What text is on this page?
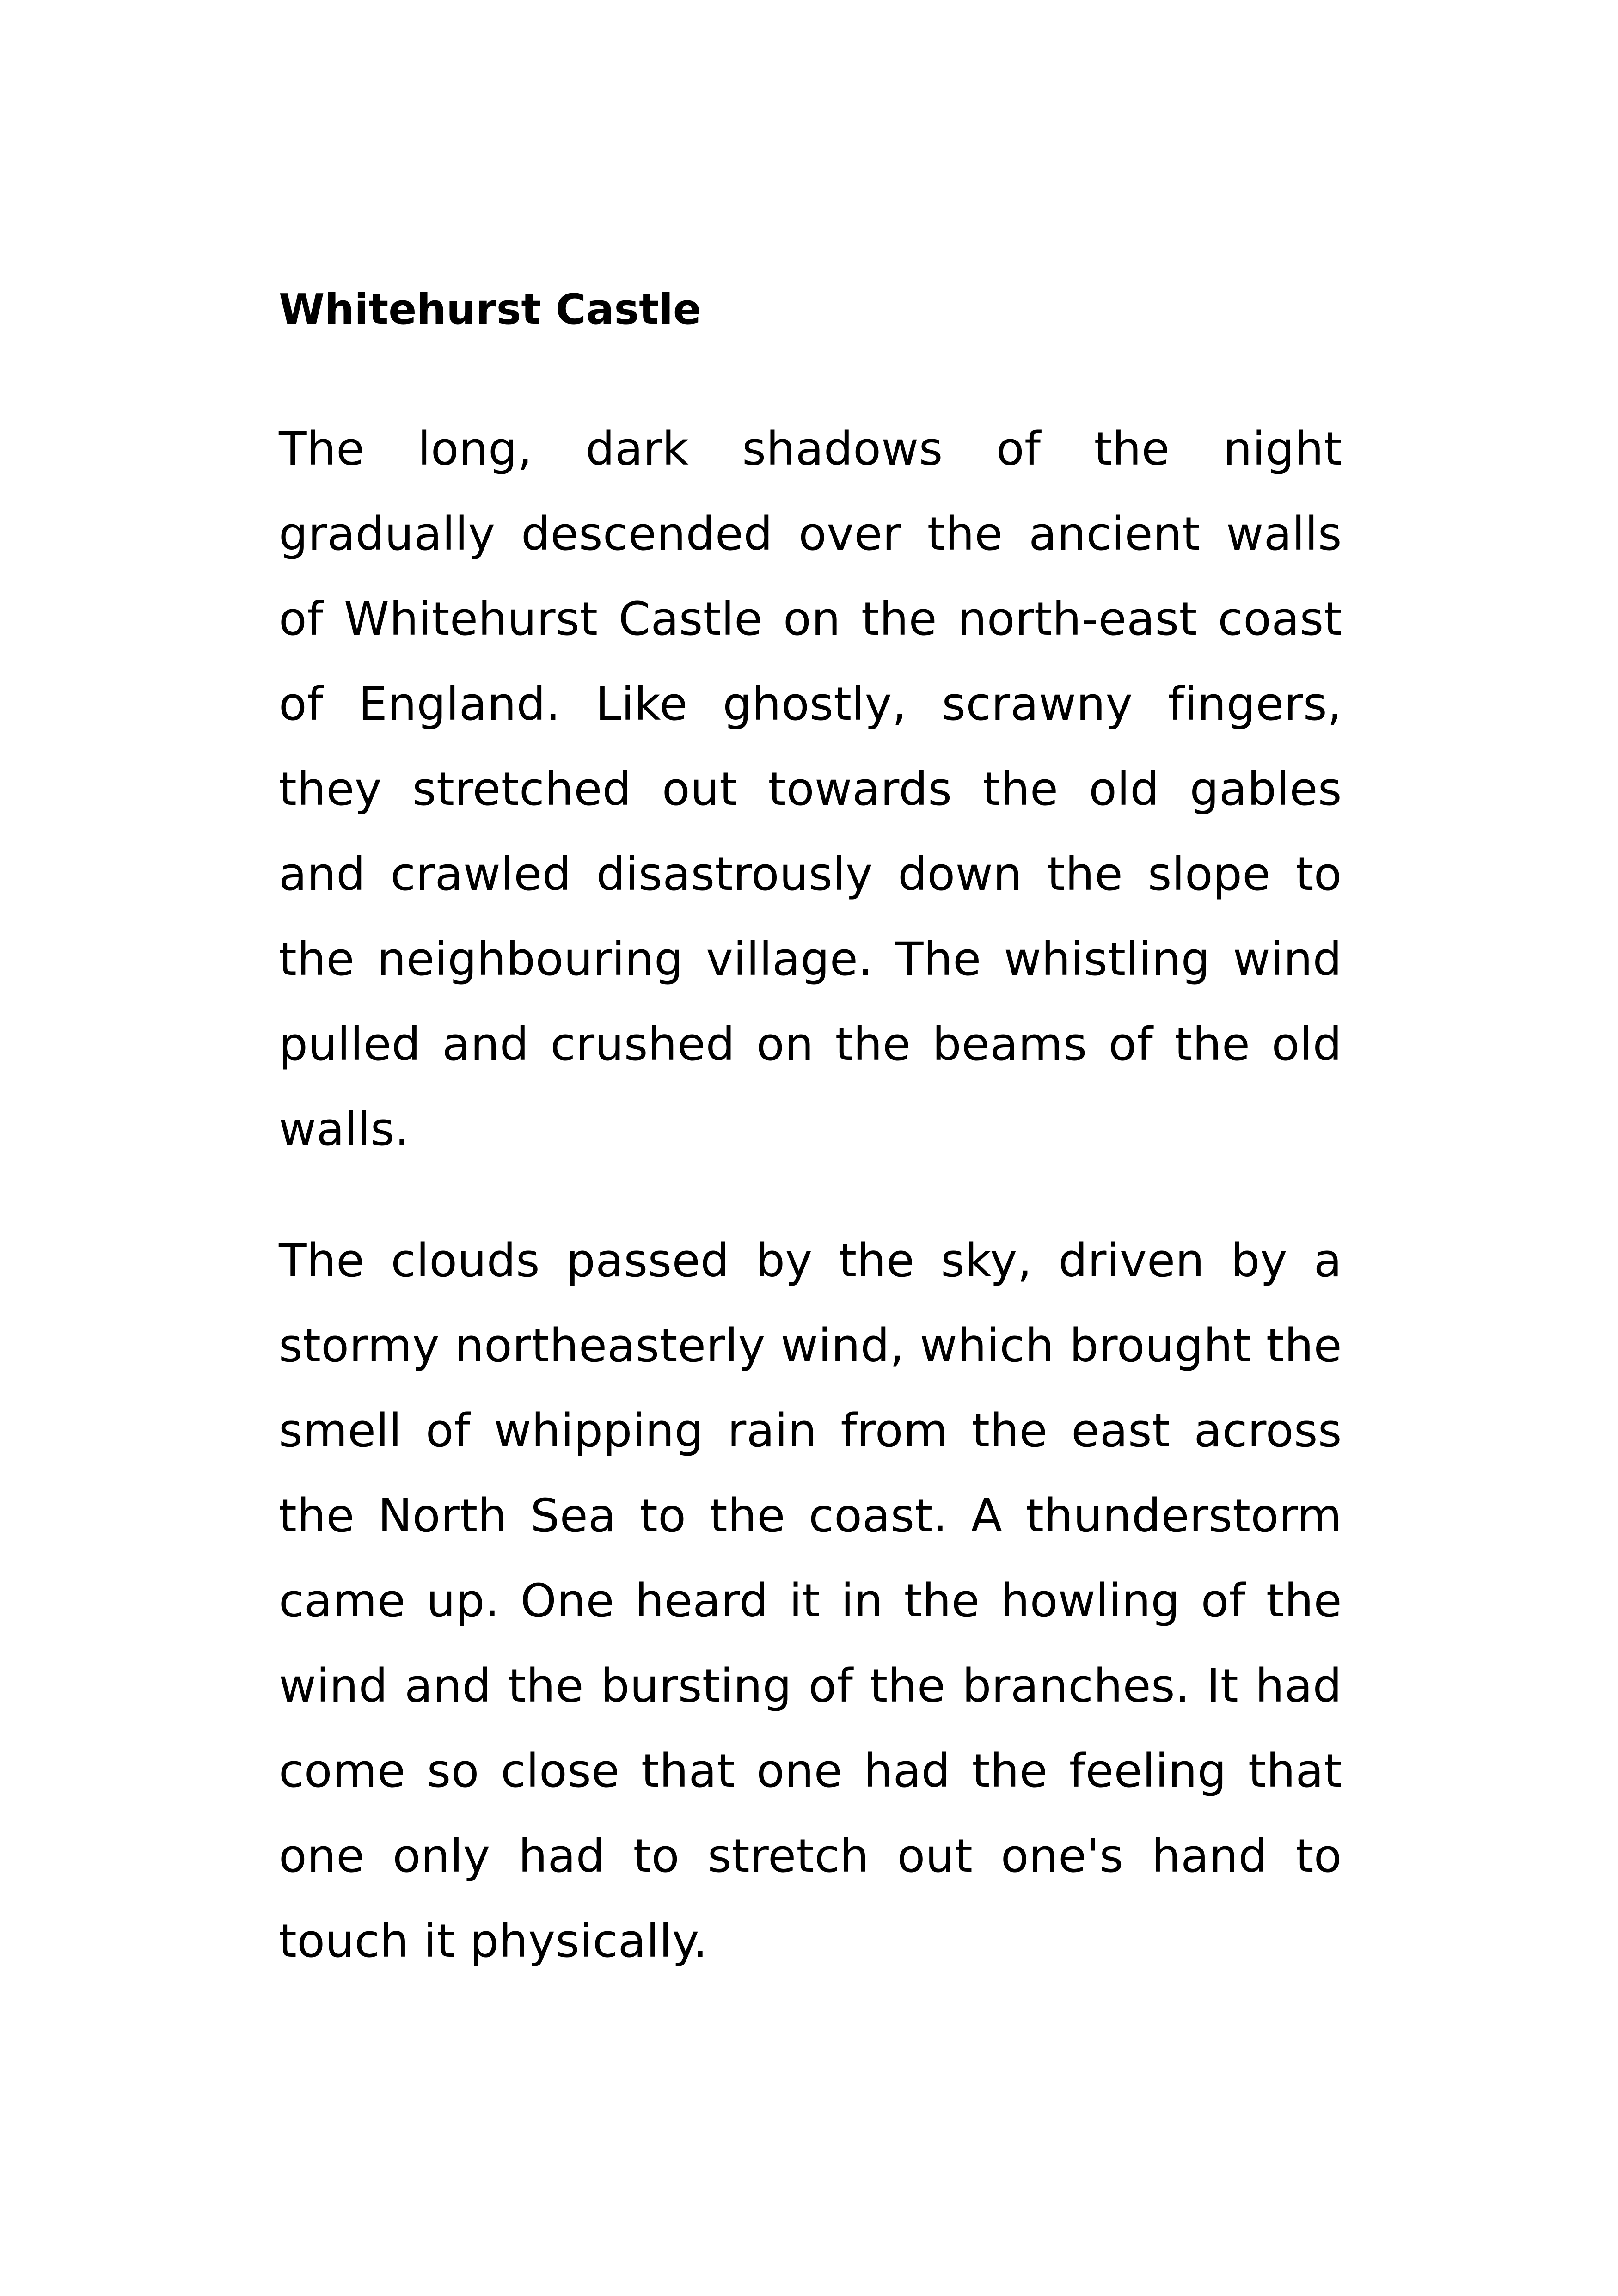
Whitehurst Castle

The long, dark shadows of the night gradually descended over the ancient walls of Whitehurst Castle on the north-east coast of England. Like ghostly, scrawny fingers, they stretched out towards the old gables and crawled disastrously down the slope to the neighbouring village. The whistling wind pulled and crushed on the beams of the old walls.

The clouds passed by the sky, driven by a stormy northeasterly wind, which brought the smell of whipping rain from the east across the North Sea to the coast. A thunderstorm came up. One heard it in the howling of the wind and the bursting of the branches. It had come so close that one had the feeling that one only had to stretch out one's hand to touch it physically.
